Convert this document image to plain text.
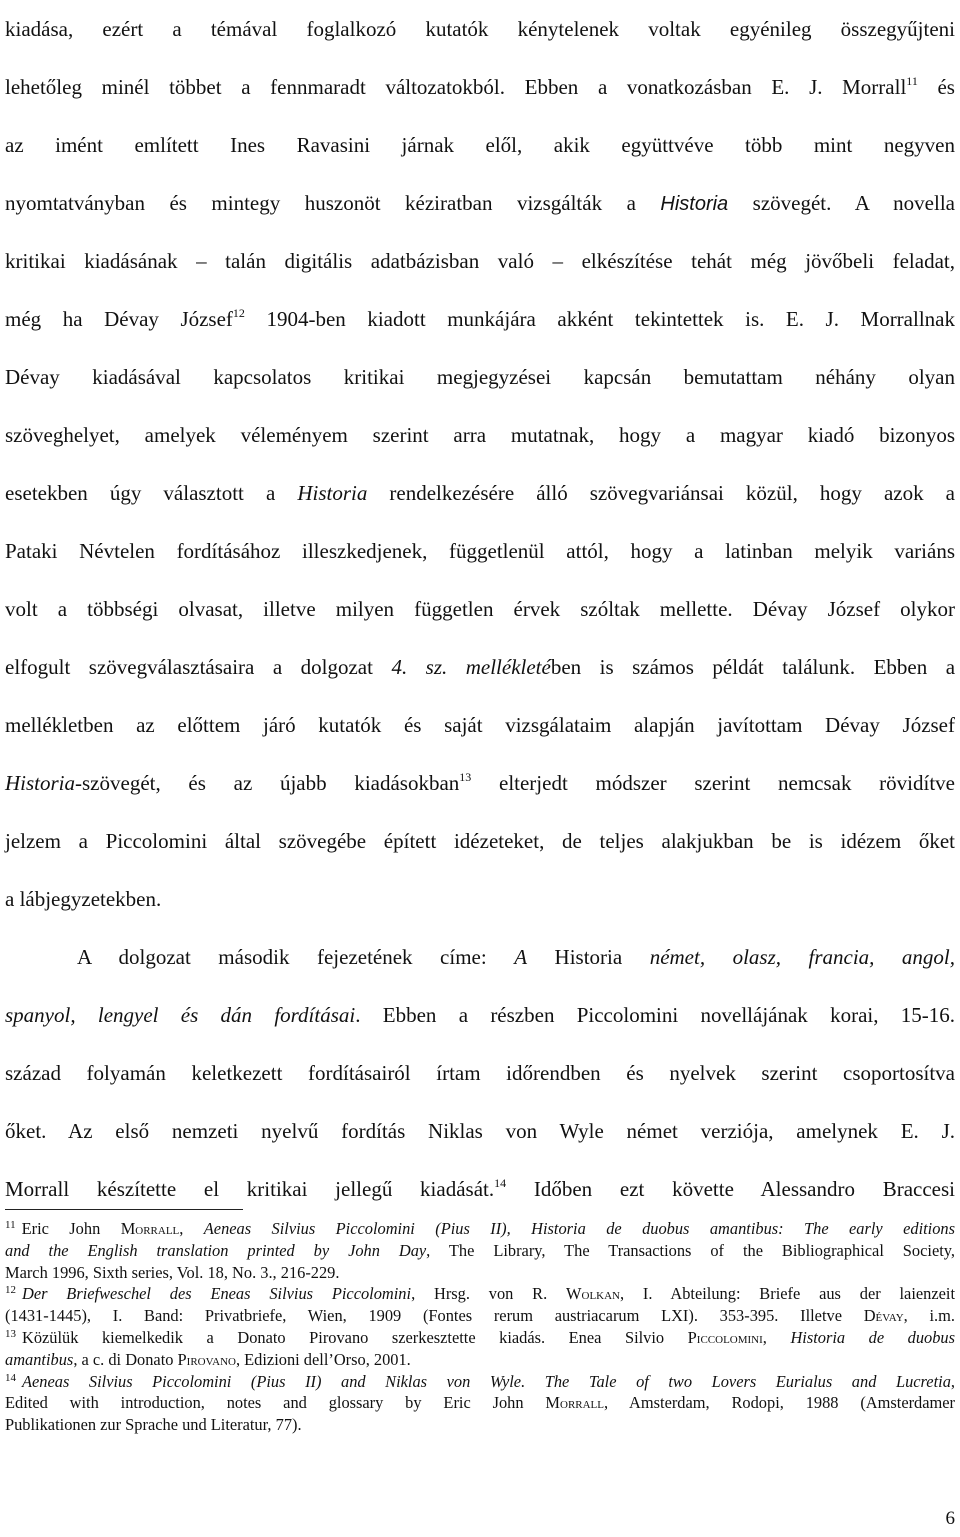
kiadása, ezért a témával foglalkozó kutatók kénytelenek voltak egyénileg összegyűjteni
lehetőleg minél többet a fennmaradt változatokból. Ebben a vonatkozásban E. J. Morrall$^{11}$ és
az imént említett Ines Ravasini járnak elől, akik együttvéve több mint negyven
nyomtatványban és mintegy huszonöt kéziratban vizsgálták a Historia szövegét. A novella
kritikai kiadásának – talán digitális adatbázisban való – elkészítése tehát még jövőbeli feladat,
még ha Dévay József$^{12}$ 1904-ben kiadott munkájára akként tekintettek is. E. J. Morrallnak
Dévay kiadásával kapcsolatos kritikai megjegyzései kapcsán bemutattam néhány olyan
szöveghelyet, amelyek véleményem szerint arra mutatnak, hogy a magyar kiadó bizonyos
esetekben úgy választott a Historia rendelkezésére álló szövegvariánsai közül, hogy azok a
Pataki Névtelen fordításához illeszkedjenek, függetlenül attól, hogy a latinban melyik variáns
volt a többségi olvasat, illetve milyen független érvek szóltak mellette. Dévay József olykor
elfogult szövegválasztásaira a dolgozat 4. sz. mellékletében is számos példát találunk. Ebben a
mellékletben az előttem járó kutatók és saját vizsgálataim alapján javítottam Dévay József
Historia-szövegét, és az újabb kiadásokban$^{13}$ elterjedt módszer szerint nemcsak rövidítve
jelzem a Piccolomini által szövegébe épített idézeteket, de teljes alakjukban be is idézem őket
a lábjegyzetekben.
A dolgozat második fejezetének címe: A Historia német, olasz, francia, angol,
spanyol, lengyel és dán fordításai. Ebben a részben Piccolomini novellájának korai, 15-16.
század folyamán keletkezett fordításairól írtam időrendben és nyelvek szerint csoportosítva
őket. Az első nemzeti nyelvű fordítás Niklas von Wyle német verziója, amelynek E. J.
Morrall készítette el kritikai jellegű kiadását.$^{14}$ Időben ezt követte Alessandro Braccesi
$^{11}$ Eric John Morrall, Aeneas Silvius Piccolomini (Pius II), Historia de duobus amantibus: The early editions
and the English translation printed by John Day, The Library, The Transactions of the Bibliographical Society,
March 1996, Sixth series, Vol. 18, No. 3., 216-229.
$^{12}$ Der Briefweschel des Eneas Silvius Piccolomini, Hrsg. von R. Wolkan, I. Abteilung: Briefe aus der laienzeit
(1431-1445), I. Band: Privatbriefe, Wien, 1909 (Fontes rerum austriacarum LXI). 353-395. Illetve Dévay, i.m.
$^{13}$ Közülük kiemelkedik a Donato Pirovano szerkesztette kiadás. Enea Silvio Piccolomini, Historia de duobus
amantibus, a c. di Donato Pirovano, Edizioni dell’Orso, 2001.
$^{14}$ Aeneas Silvius Piccolomini (Pius II) and Niklas von Wyle. The Tale of two Lovers Eurialus and Lucretia,
Edited with introduction, notes and glossary by Eric John Morrall, Amsterdam, Rodopi, 1988 (Amsterdamer
Publikationen zur Sprache und Literatur, 77).
6
